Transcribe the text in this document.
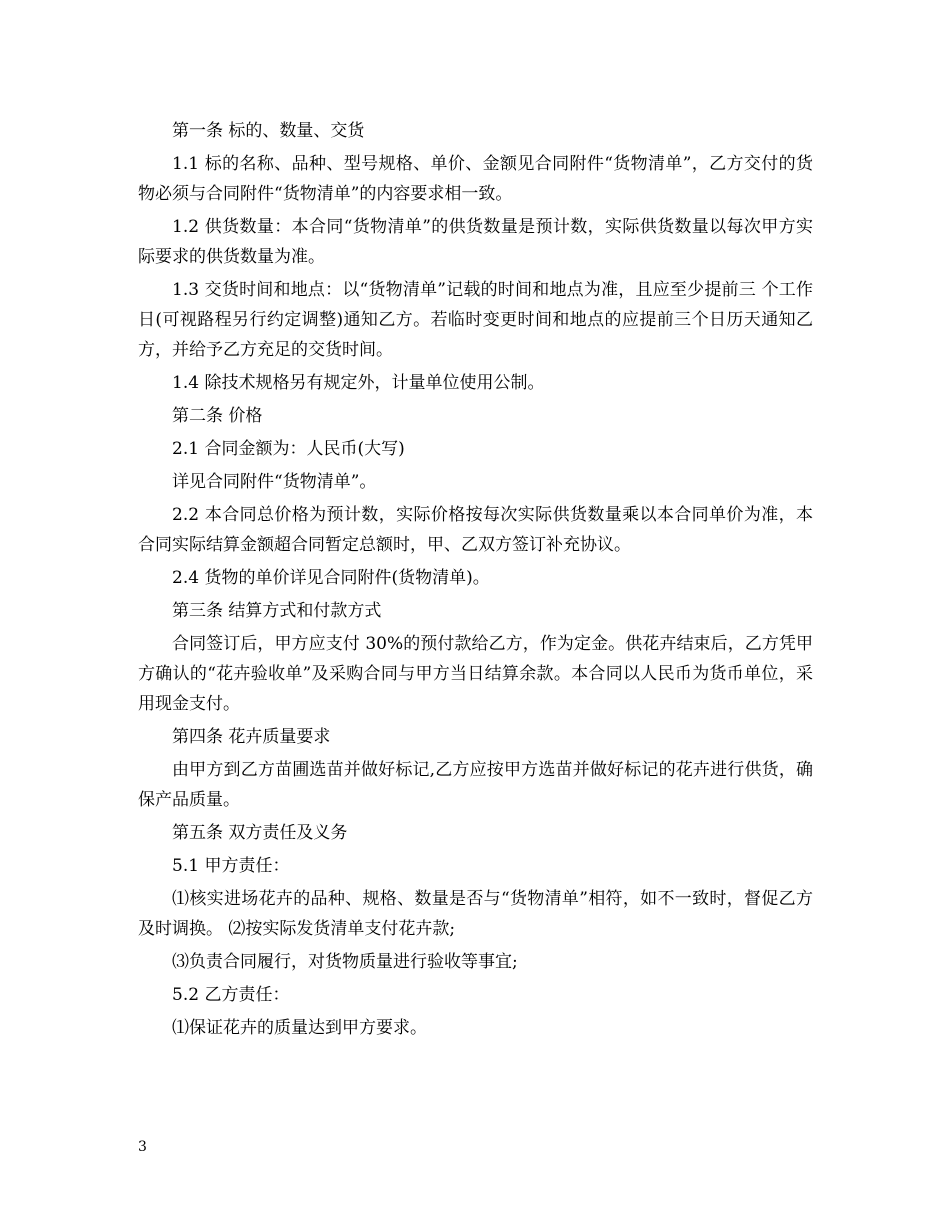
第一条 标的、数量、交货

1.1 标的名称、品种、型号规格、单价、金额见合同附件“货物清单”，乙方交付的货物必须与合同附件“货物清单”的内容要求相一致。

1.2 供货数量：本合同“货物清单”的供货数量是预计数，实际供货数量以每次甲方实际要求的供货数量为准。

1.3 交货时间和地点：以“货物清单”记载的时间和地点为准，且应至少提前三 个工作日(可视路程另行约定调整)通知乙方。若临时变更时间和地点的应提前三个日历天通知乙方，并给予乙方充足的交货时间。

1.4 除技术规格另有规定外，计量单位使用公制。

第二条 价格

2.1 合同金额为：人民币(大写)

详见合同附件“货物清单”。

2.2 本合同总价格为预计数，实际价格按每次实际供货数量乘以本合同单价为准，本合同实际结算金额超合同暂定总额时，甲、乙双方签订补充协议。

2.4 货物的单价详见合同附件(货物清单)。

第三条 结算方式和付款方式

合同签订后，甲方应支付 30%的预付款给乙方，作为定金。供花卉结束后，乙方凭甲方确认的“花卉验收单”及采购合同与甲方当日结算余款。本合同以人民币为货币单位，采用现金支付。

第四条 花卉质量要求

由甲方到乙方苗圃选苗并做好标记,乙方应按甲方选苗并做好标记的花卉进行供货，确保产品质量。

第五条 双方责任及义务

5.1 甲方责任：

⑴核实进场花卉的品种、规格、数量是否与“货物清单”相符，如不一致时，督促乙方及时调换。 ⑵按实际发货清单支付花卉款;

⑶负责合同履行，对货物质量进行验收等事宜;

5.2 乙方责任：

⑴保证花卉的质量达到甲方要求。

3
